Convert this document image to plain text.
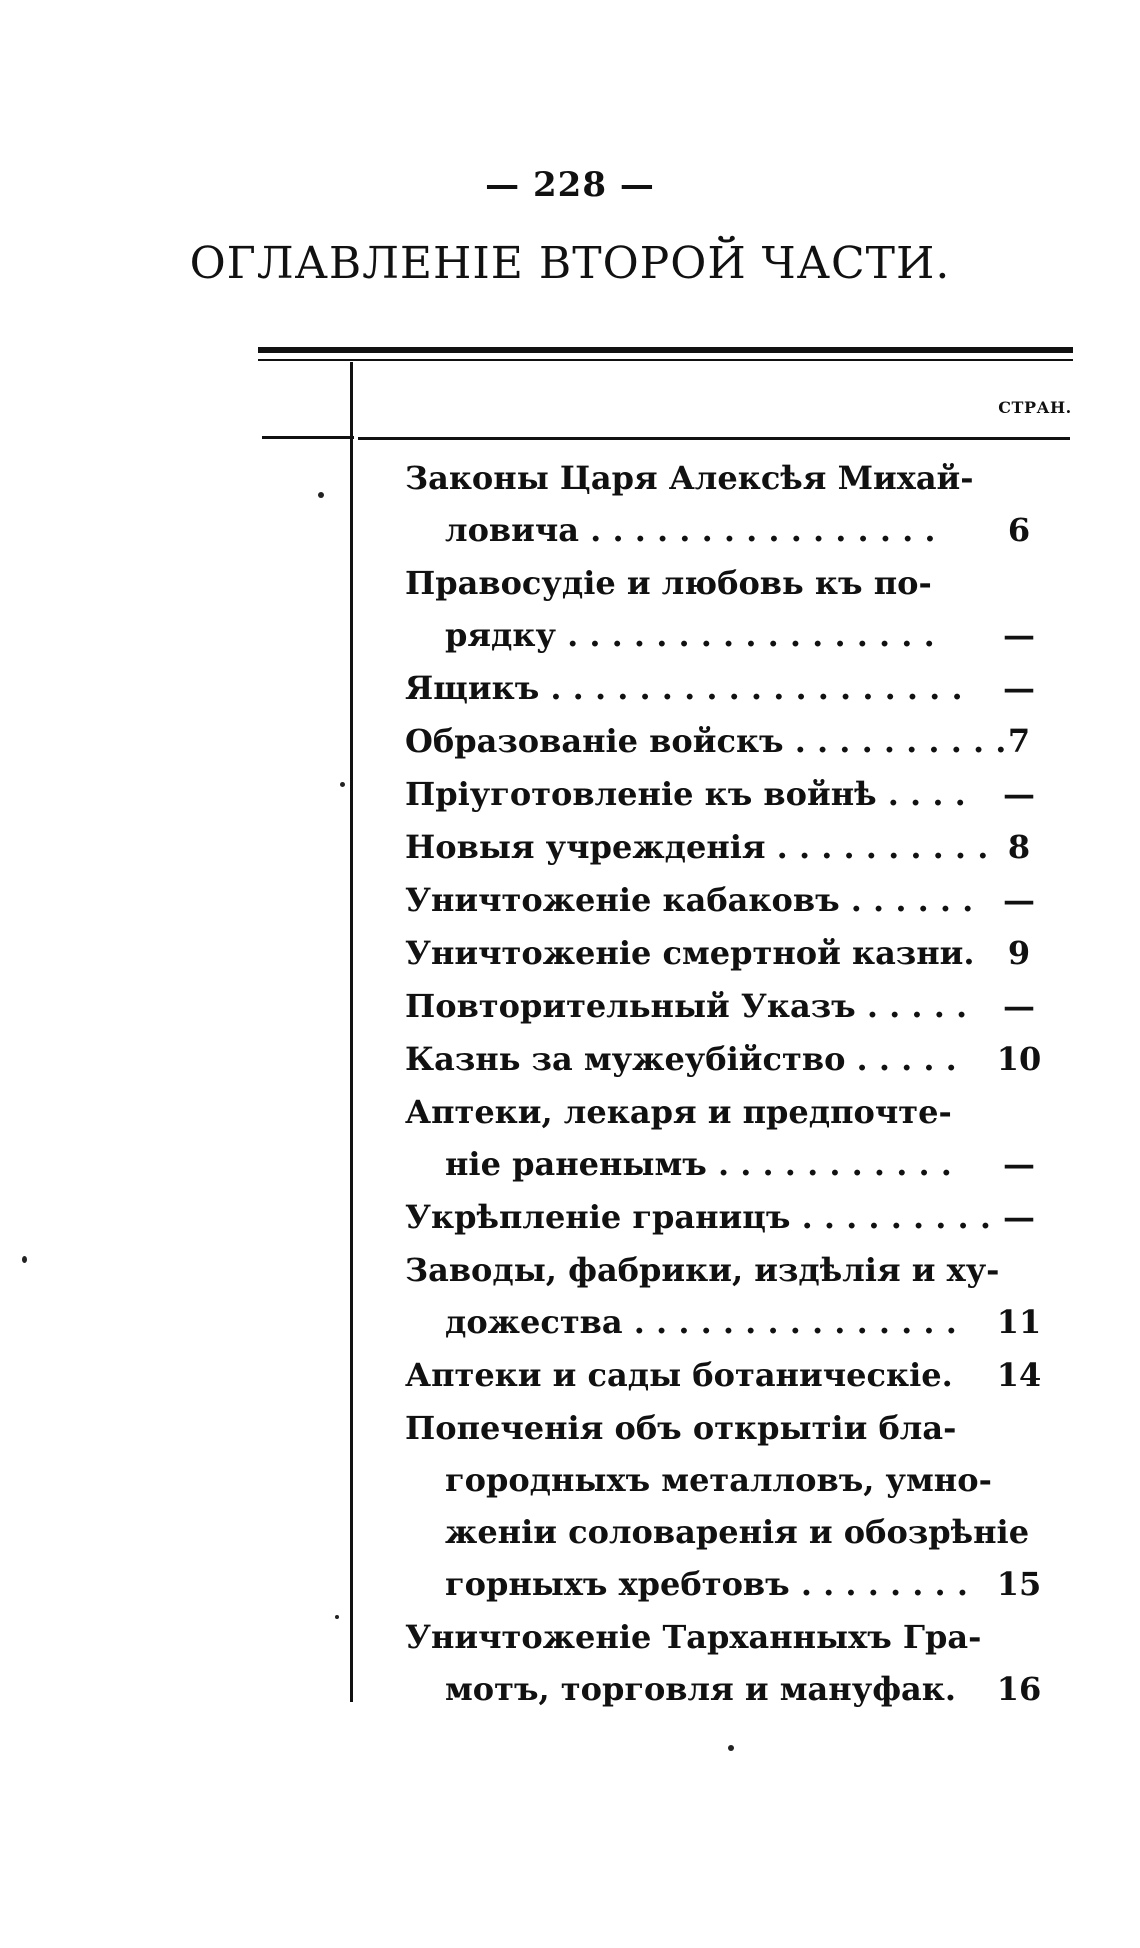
— 228 —
ОГЛАВЛЕНІЕ ВТОРОЙ ЧАСТИ.
СТРАН.
Законы Царя Алексѣя Михай-
ловича . . . . . . . . . . . . . . . .	6
Правосудіе и любовь къ по-
рядку . . . . . . . . . . . . . . . . .	—
Ящикъ . . . . . . . . . . . . . . . . . . .	—
Образованіе войскъ . . . . . . . . . . 7
Пріуготовленіе къ войнѣ . . . .	—
Новыя учрежденія . . . . . . . . . . 8
Уничтоженіе кабаковъ . . . . . . —
Уничтоженіе смертной казни.	9
Повторительный Указъ . . . . .	—
Казнь за мужеубійство . . . . .	10
Аптеки, лекаря и предпочте-
ніе раненымъ . . . . . . . . . . .	—
Укрѣпленіе границъ . . . . . . . . . —
Заводы, фабрики, издѣлія и ху-
дожества . . . . . . . . . . . . . . .	11
Аптеки и сады ботаническіе.	14
Попеченія объ открытіи бла-
городныхъ металловъ, умно-
женіи соловаренія и обозрѣніе
горныхъ хребтовъ . . . . . . . . 15
Уничтоженіе Тарханныхъ Гра-
мотъ, торговля и мануфак.	16
